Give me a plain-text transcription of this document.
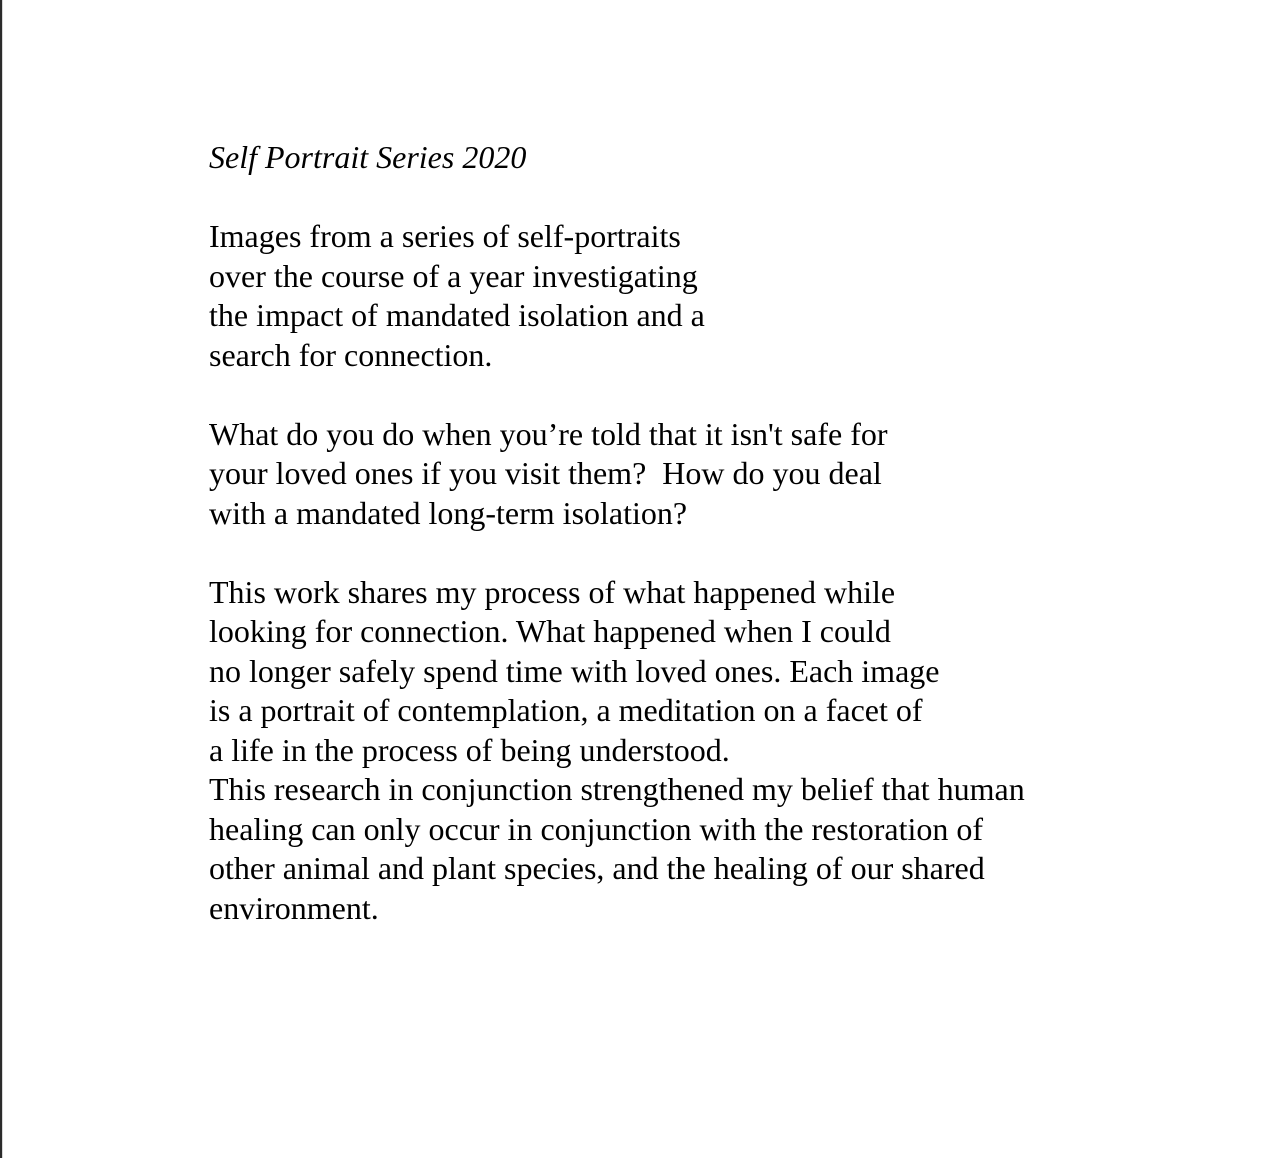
Self Portrait Series 2020

Images from a series of self-portraits

over the course of a year investigating

the impact of mandated isolation and a

search for connection.

What do you do when you’re told that it isn't safe for

your loved ones if you visit them?  How do you deal

with a mandated long-term isolation?

This work shares my process of what happened while

looking for connection. What happened when I could

no longer safely spend time with loved ones. Each image

is a portrait of contemplation, a meditation on a facet of

a life in the process of being understood.

This research in conjunction strengthened my belief that human

healing can only occur in conjunction with the restoration of

other animal and plant species, and the healing of our shared

environment.
